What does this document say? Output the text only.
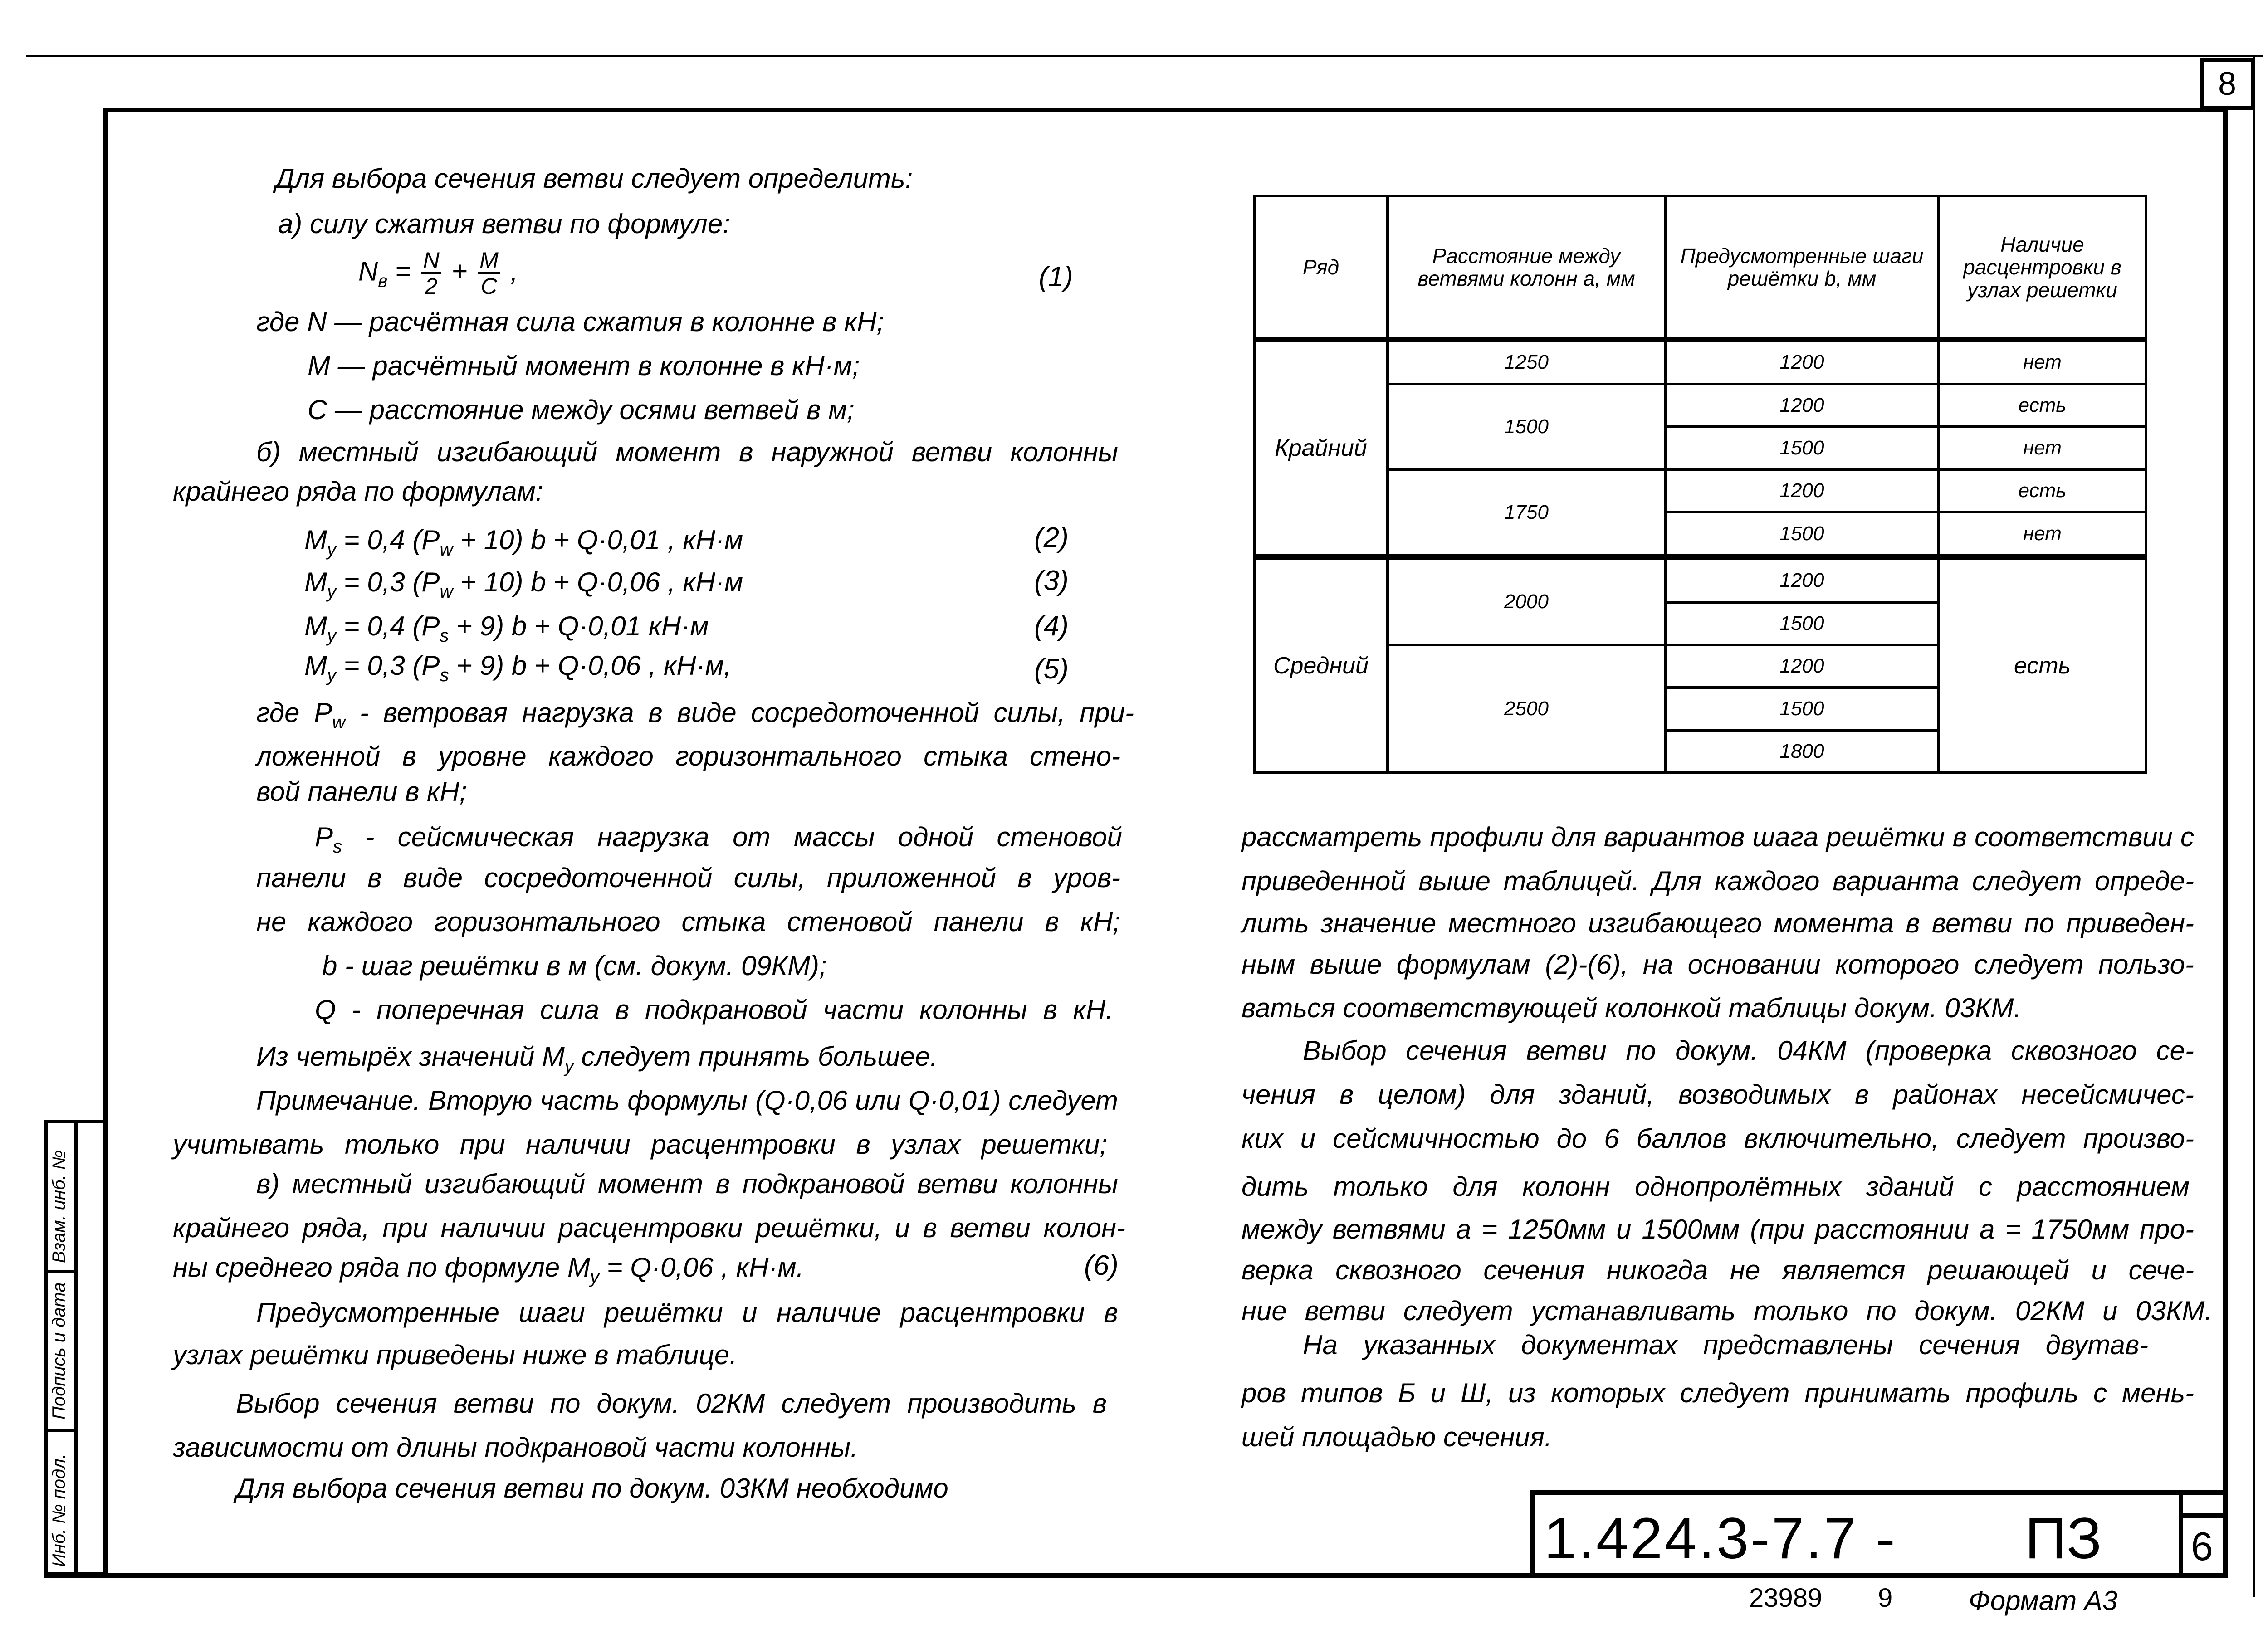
8
Инб. № подл.
Подпись и дата
Взам. инб. №
Для выбора сечения ветви следует определить:
а) силу сжатия ветви по формуле:
где N — расчётная сила сжатия в колонне в кН;
M — расчётный момент в колонне в кН·м;
C — расстояние между осями ветвей в м;
б) местный изгибающий момент в наружной ветви колонны
крайнего ряда по формулам:
где $P_w$ - ветровая нагрузка в виде сосредоточенной силы, при-
ложенной в уровне каждого горизонтального стыка стено-
вой панели в кН;
$P_s$ - сейсмическая нагрузка от массы одной стеновой
панели в виде сосредоточенной силы, приложенной в уров-
не каждого горизонтального стыка стеновой панели в кН;
b - шаг решётки в м (см. докум. 09КМ);
Q - поперечная сила в подкрановой части колонны в кН.
Из четырёх значений $M_y$ следует принять большее.
Примечание. Вторую часть формулы (Q·0,06 или Q·0,01) следует
учитывать только при наличии расцентровки в узлах решетки;
в) местный изгибающий момент в подкрановой ветви колонны
крайнего ряда, при наличии расцентровки решётки, и в ветви колон-
ны среднего ряда по формуле $M_y = Q\cdot 0,06$ , кН·м.
Предусмотренные шаги решётки и наличие расцентровки в
узлах решётки приведены ниже в таблице.
Выбор сечения ветви по докум. 02КМ следует производить в
зависимости от длины подкрановой части колонны.
Для выбора сечения ветви по докум. 03КМ необходимо
$N_в = \frac{N}{2} + \frac{M}{C}$ ,	(1)
$M_y = 0,4$ $(P_w + 10) b + Q\cdot 0,01$ , кН·м
$M_y = 0,3$ $(P_w + 10) b + Q\cdot 0,06$ , кН·м
$M_y = 0,4$ $(P_s + 9) b + Q\cdot 0,01$ кН·м
$M_y = 0,3$ $(P_s + 9) b + Q\cdot 0,06$ , кН·м,
(2)
(3)
(4)
(5)
(6)
рассматреть профили для вариантов шага решётки в соответствии с
приведенной выше таблицей. Для каждого варианта следует опреде-
лить значение местного изгибающего момента в ветви по приведен-
ным выше формулам (2)-(6), на основании которого следует пользо-
ваться соответствующей колонкой таблицы докум. 03КМ.
Выбор сечения ветви по докум. 04КМ (проверка сквозного се-
чения в целом) для зданий, возводимых в районах несейсмичес-
ких и сейсмичностью до 6 баллов включительно, следует произво-
дить только для колонн однопролётных зданий с расстоянием
между ветвями a = 1250мм и 1500мм (при расстоянии a = 1750мм про-
верка сквозного сечения никогда не является решающей и сече-
ние ветви следует устанавливать только по докум. 02КМ и 03КМ.
На указанных документах представлены сечения двутав-
ров типов Б и Ш, из которых следует принимать профиль с мень-
шей площадью сечения.
Ряд	Расстояние между ветвями колонн a, мм	Предусмотренные шаги решётки b, мм	Наличие расцентровки в узлах решетки
Крайний	1250	1200	нет
	1500	1200	есть
		1500	нет
	1750	1200	есть
		1500	нет
Средний	2000	1200	есть
		1500	
	2500	1200	
		1500	
		1800	
1.424.3-7.7 - ПЗ 6
23989 9	Формат А3
